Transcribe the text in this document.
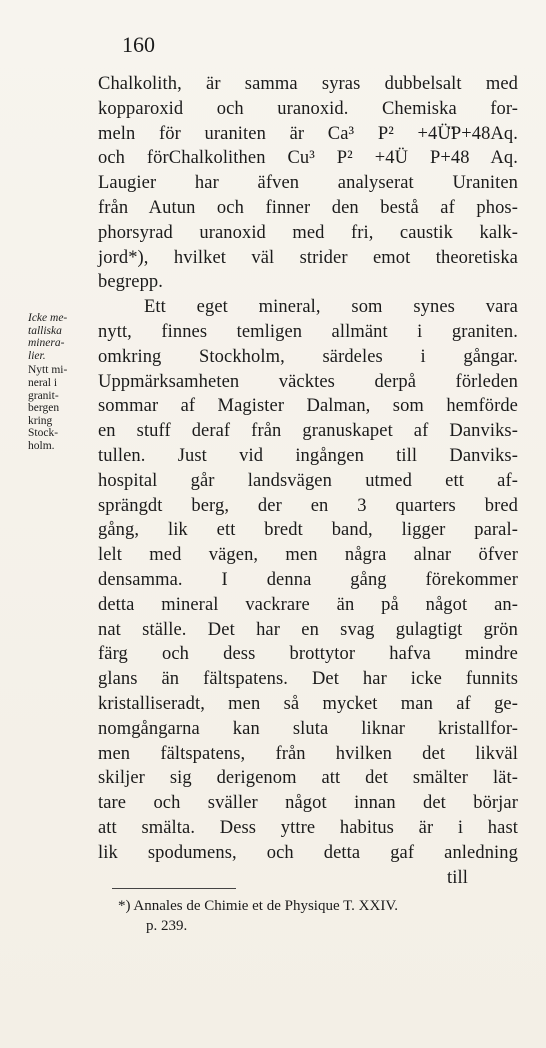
160
Chalkolith, är samma syras dubbelsalt med
kopparoxid och uranoxid. Chemiska for-
meln för uraniten är Ca³ P² +4Ü̈P+48Aq.
och förChalkolithen Cu³ P² +4Ü P+48 Aq.
Laugier har äfven analyserat Uraniten
från Autun och finner den bestå af phos-
phorsyrad uranoxid med fri, caustik kalk-
jord*), hvilket väl strider emot theoretiska
begrepp.
Ett eget mineral, som synes vara
nytt, finnes temligen allmänt i graniten.
omkring Stockholm, särdeles i gångar.
Uppmärksamheten väcktes derpå förleden
sommar af Magister Dalman, som hemförde
en stuff deraf från granuskapet af Danviks-
tullen. Just vid ingången till Danviks-
hospital går landsvägen utmed ett af-
sprängdt berg, der en 3 quarters bred
gång, lik ett bredt band, ligger paral-
lelt med vägen, men några alnar öfver
densamma. I denna gång förekommer
detta mineral vackrare än på något an-
nat ställe. Det har en svag gulagtigt grön
färg och dess brottytor hafva mindre
glans än fältspatens. Det har icke funnits
kristalliseradt, men så mycket man af ge-
nomgångarna kan sluta liknar kristallfor-
men fältspatens, från hvilken det likväl
skiljer sig derigenom att det smälter lät-
tare och sväller något innan det börjar
att smälta. Dess yttre habitus är i hast
lik spodumens, och detta gaf anledning
till
Icke me-
talliska
minera-
lier.
Nytt mi-
neral i
granit-
bergen
kring
Stock-
holm.
*) Annales de Chimie et de Physique T. XXIV.
p. 239.
